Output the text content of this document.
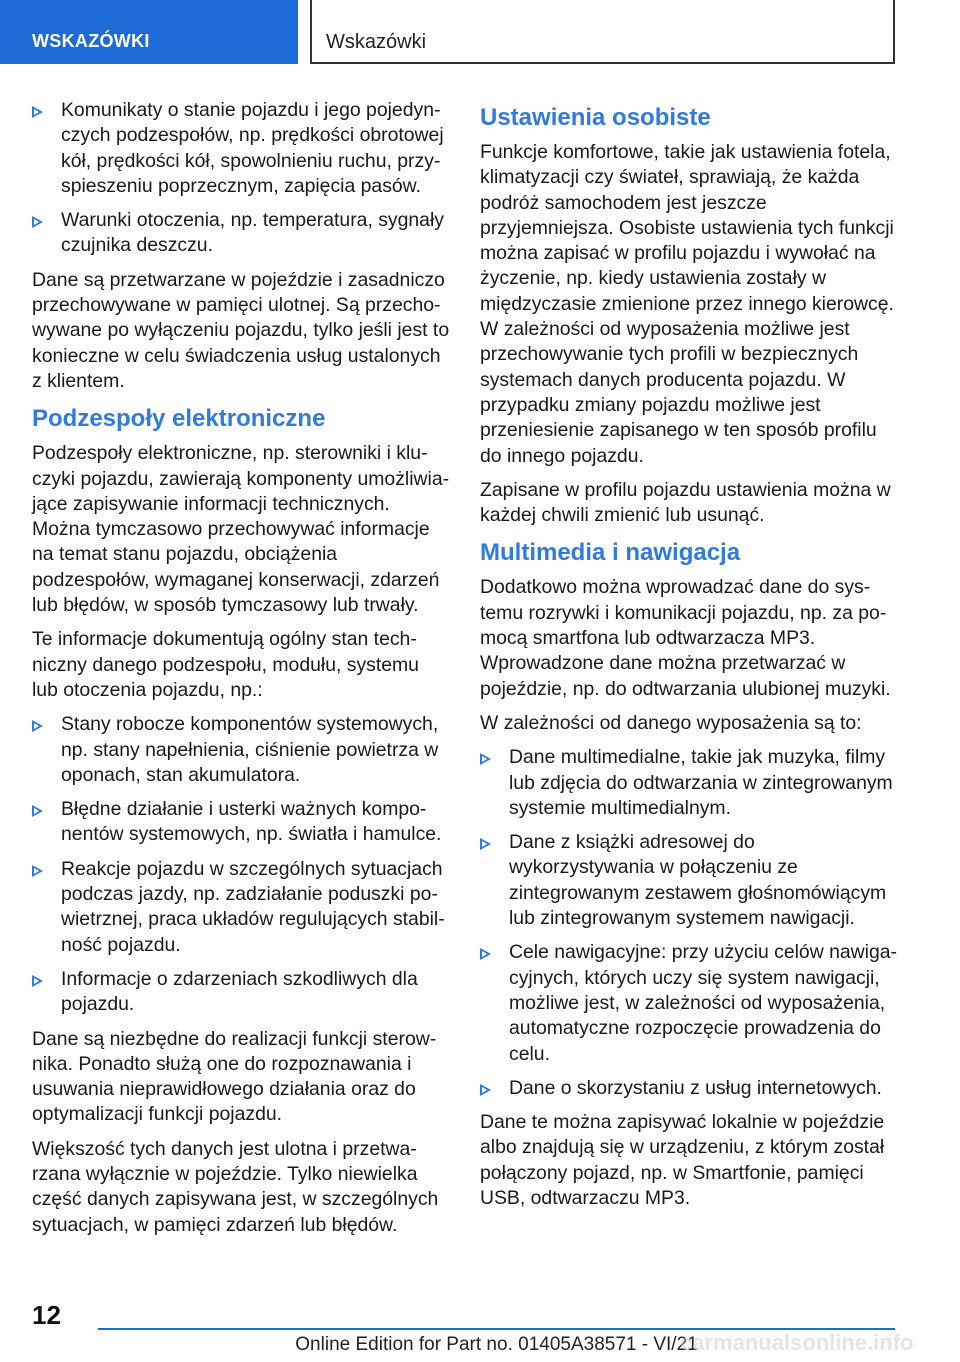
WSKAZÓWKI	Wskazówki
Komunikaty o stanie pojazdu i jego pojedynczych podzespołów, np. prędkości obrotowej kół, prędkości kół, spowolnieniu ruchu, przyspieszeniu poprzecznym, zapięcia pasów.
Warunki otoczenia, np. temperatura, sygnały czujnika deszczu.

Dane są przetwarzane w pojeździe i zasadniczo przechowywane w pamięci ulotnej. Są przechowywane po wyłączeniu pojazdu, tylko jeśli jest to konieczne w celu świadczenia usług ustalonych z klientem.

Podzespoły elektroniczne

Podzespoły elektroniczne, np. sterowniki i kluczyki pojazdu, zawierają komponenty umożliwiające zapisywanie informacji technicznych. Można tymczasowo przechowywać informacje na temat stanu pojazdu, obciążenia podzespołów, wymaganej konserwacji, zdarzeń lub błędów, w sposób tymczasowy lub trwały.

Te informacje dokumentują ogólny stan techniczny danego podzespołu, modułu, systemu lub otoczenia pojazdu, np.:

Stany robocze komponentów systemowych, np. stany napełnienia, ciśnienie powietrza w oponach, stan akumulatora.
Błędne działanie i usterki ważnych komponentów systemowych, np. światła i hamulce.
Reakcje pojazdu w szczególnych sytuacjach podczas jazdy, np. zadziałanie poduszki powietrznej, praca układów regulujących stabilność pojazdu.
Informacje o zdarzeniach szkodliwych dla pojazdu.

Dane są niezbędne do realizacji funkcji sterownika. Ponadto służą one do rozpoznawania i usuwania nieprawidłowego działania oraz do optymalizacji funkcji pojazdu.

Większość tych danych jest ulotna i przetwarzana wyłącznie w pojeździe. Tylko niewielka część danych zapisywana jest, w szczególnych sytuacjach, w pamięci zdarzeń lub błędów.

Ustawienia osobiste

Funkcje komfortowe, takie jak ustawienia fotela, klimatyzacji czy świateł, sprawiają, że każda podróż samochodem jest jeszcze przyjemniejsza. Osobiste ustawienia tych funkcji można zapisać w profilu pojazdu i wywołać na życzenie, np. kiedy ustawienia zostały w międzyczasie zmienione przez innego kierowcę. W zależności od wyposażenia możliwe jest przechowywanie tych profili w bezpiecznych systemach danych producenta pojazdu. W przypadku zmiany pojazdu możliwe jest przeniesienie zapisanego w ten sposób profilu do innego pojazdu.

Zapisane w profilu pojazdu ustawienia można w każdej chwili zmienić lub usunąć.

Multimedia i nawigacja

Dodatkowo można wprowadzać dane do systemu rozrywki i komunikacji pojazdu, np. za pomocą smartfona lub odtwarzacza MP3. Wprowadzone dane można przetwarzać w pojeździe, np. do odtwarzania ulubionej muzyki.

W zależności od danego wyposażenia są to:

Dane multimedialne, takie jak muzyka, filmy lub zdjęcia do odtwarzania w zintegrowanym systemie multimedialnym.
Dane z książki adresowej do wykorzystywania w połączeniu ze zintegrowanym zestawem głośnomówiącym lub zintegrowanym systemem nawigacji.
Cele nawigacyjne: przy użyciu celów nawigacyjnych, których uczy się system nawigacji, możliwe jest, w zależności od wyposażenia, automatyczne rozpoczęcie prowadzenia do celu.
Dane o skorzystaniu z usług internetowych.

Dane te można zapisywać lokalnie w pojeździe albo znajdują się w urządzeniu, z którym został połączony pojazd, np. w Smartfonie, pamięci USB, odtwarzaczu MP3.

12
Online Edition for Part no. 01405A38571 - VI/21
carmanualsonline.info
